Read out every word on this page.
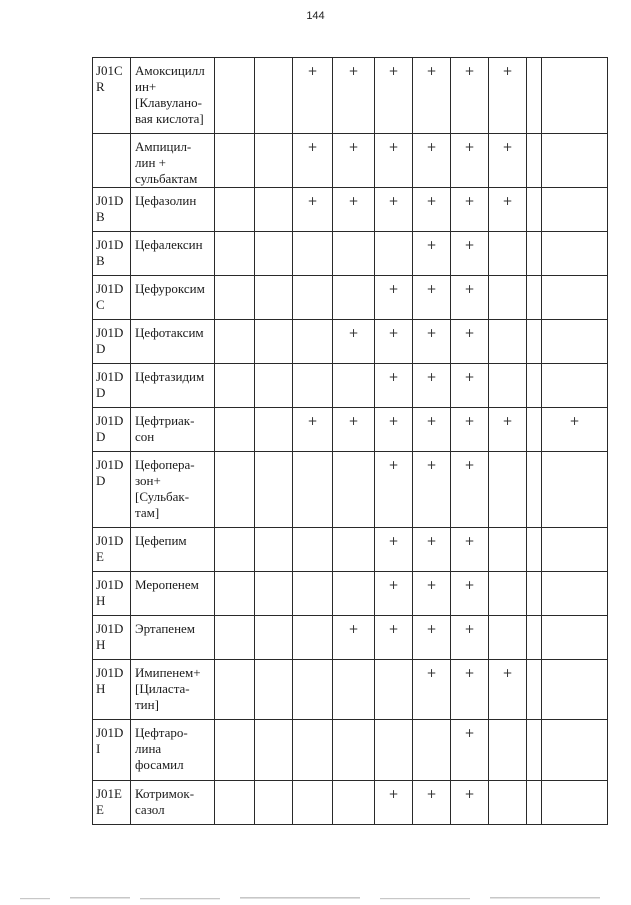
144
J01C
R	Амоксицилл
ин+
[Клавулано-
вая кислота]			+	+	+	+	+	+		

	Ампицил-
лин +
сульбактам			+	+	+	+	+	+		

J01D
B	Цефазолин			+	+	+	+	+	+		

J01D
B	Цефалексин						+	+			

J01D
C	Цефуроксим					+	+	+			

J01D
D	Цефотаксим				+	+	+	+			

J01D
D	Цефтазидим					+	+	+			

J01D
D	Цефтриак-
сон			+	+	+	+	+	+		+

J01D
D	Цефопера-
зон+
[Сульбак-
там]					+	+	+			

J01D
E	Цефепим					+	+	+			

J01D
H	Меропенем					+	+	+			

J01D
H	Эртапенем				+	+	+	+			

J01D
H	Имипенем+
[Циласта-
тин]						+	+	+		

J01D
I	Цефтаро-
лина
фосамил							+			

J01E
E	Котримок-
сазол					+	+	+			
